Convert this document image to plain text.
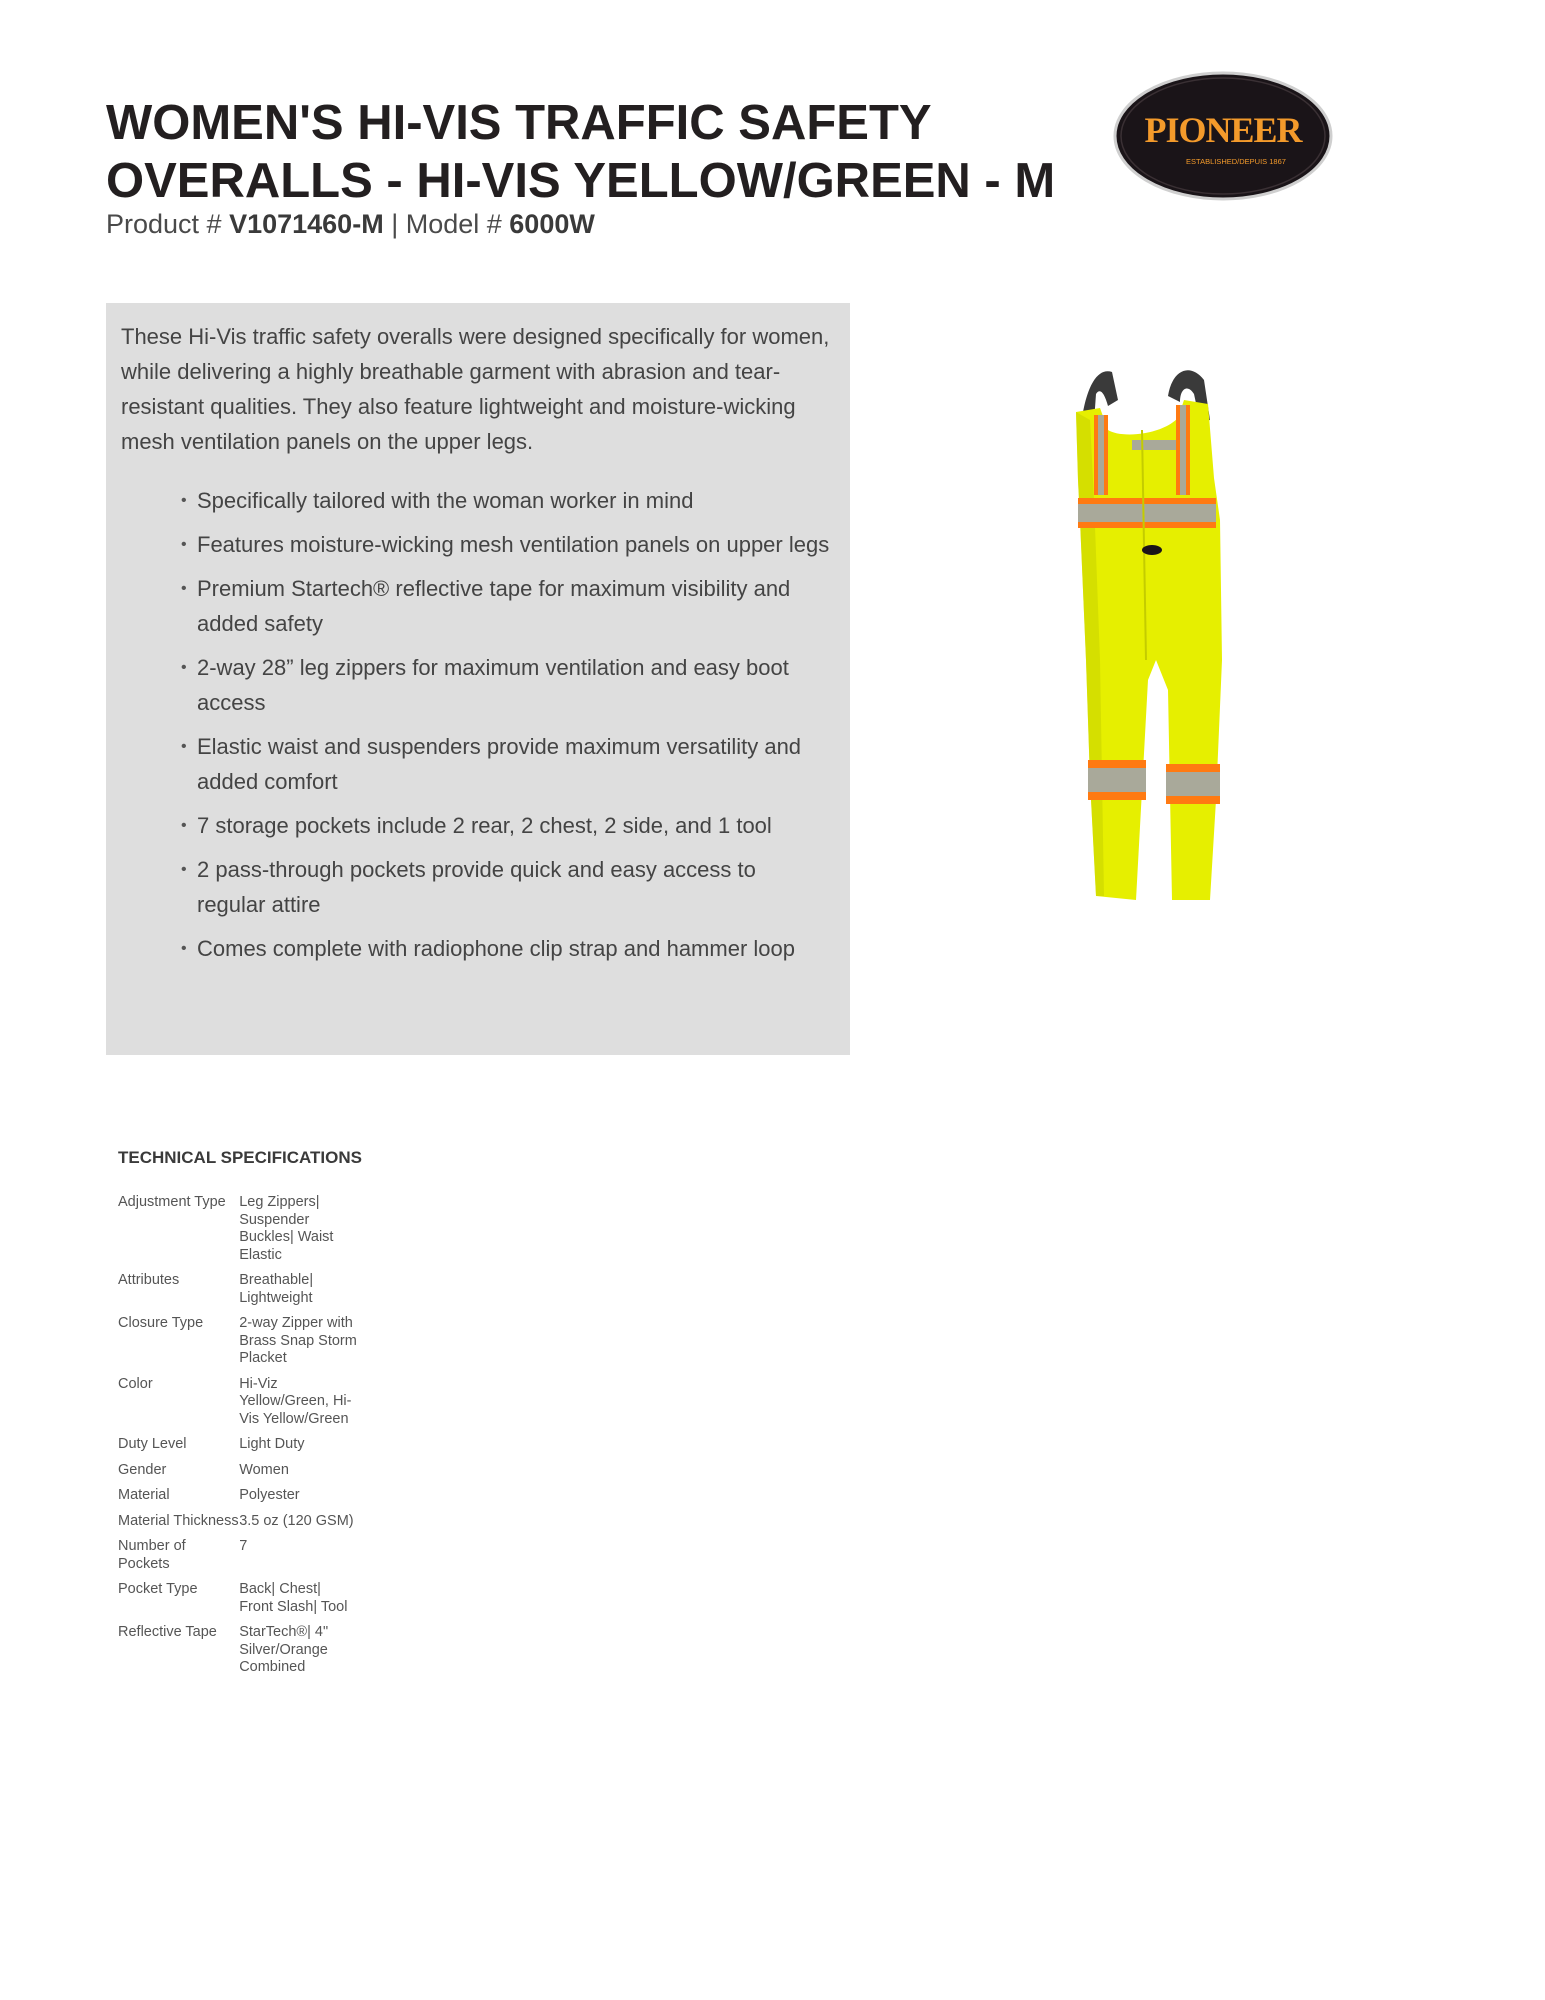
WOMEN'S HI-VIS TRAFFIC SAFETY OVERALLS - HI-VIS YELLOW/GREEN - M
Product # V1071460-M | Model # 6000W
PIONEER
ESTABLISHED/DEPUIS 1867

These Hi-Vis traffic safety overalls were designed specifically for women, while delivering a highly breathable garment with abrasion and tear-resistant qualities. They also feature lightweight and moisture-wicking mesh ventilation panels on the upper legs.

• Specifically tailored with the woman worker in mind
• Features moisture-wicking mesh ventilation panels on upper legs
• Premium Startech® reflective tape for maximum visibility and added safety
• 2-way 28” leg zippers for maximum ventilation and easy boot access
• Elastic waist and suspenders provide maximum versatility and added comfort
• 7 storage pockets include 2 rear, 2 chest, 2 side, and 1 tool
• 2 pass-through pockets provide quick and easy access to regular attire
• Comes complete with radiophone clip strap and hammer loop
TECHNICAL SPECIFICATIONS
Adjustment Type	Leg Zippers| Suspender Buckles| Waist Elastic
Attributes	Breathable| Lightweight
Closure Type	2-way Zipper with Brass Snap Storm Placket
Color	Hi-Viz Yellow/Green, Hi-Vis Yellow/Green
Duty Level	Light Duty
Gender	Women
Material	Polyester
Material Thickness	3.5 oz (120 GSM)
Number of Pockets	7
Pocket Type	Back| Chest| Front Slash| Tool
Reflective Tape	StarTech®| 4" Silver/Orange Combined
